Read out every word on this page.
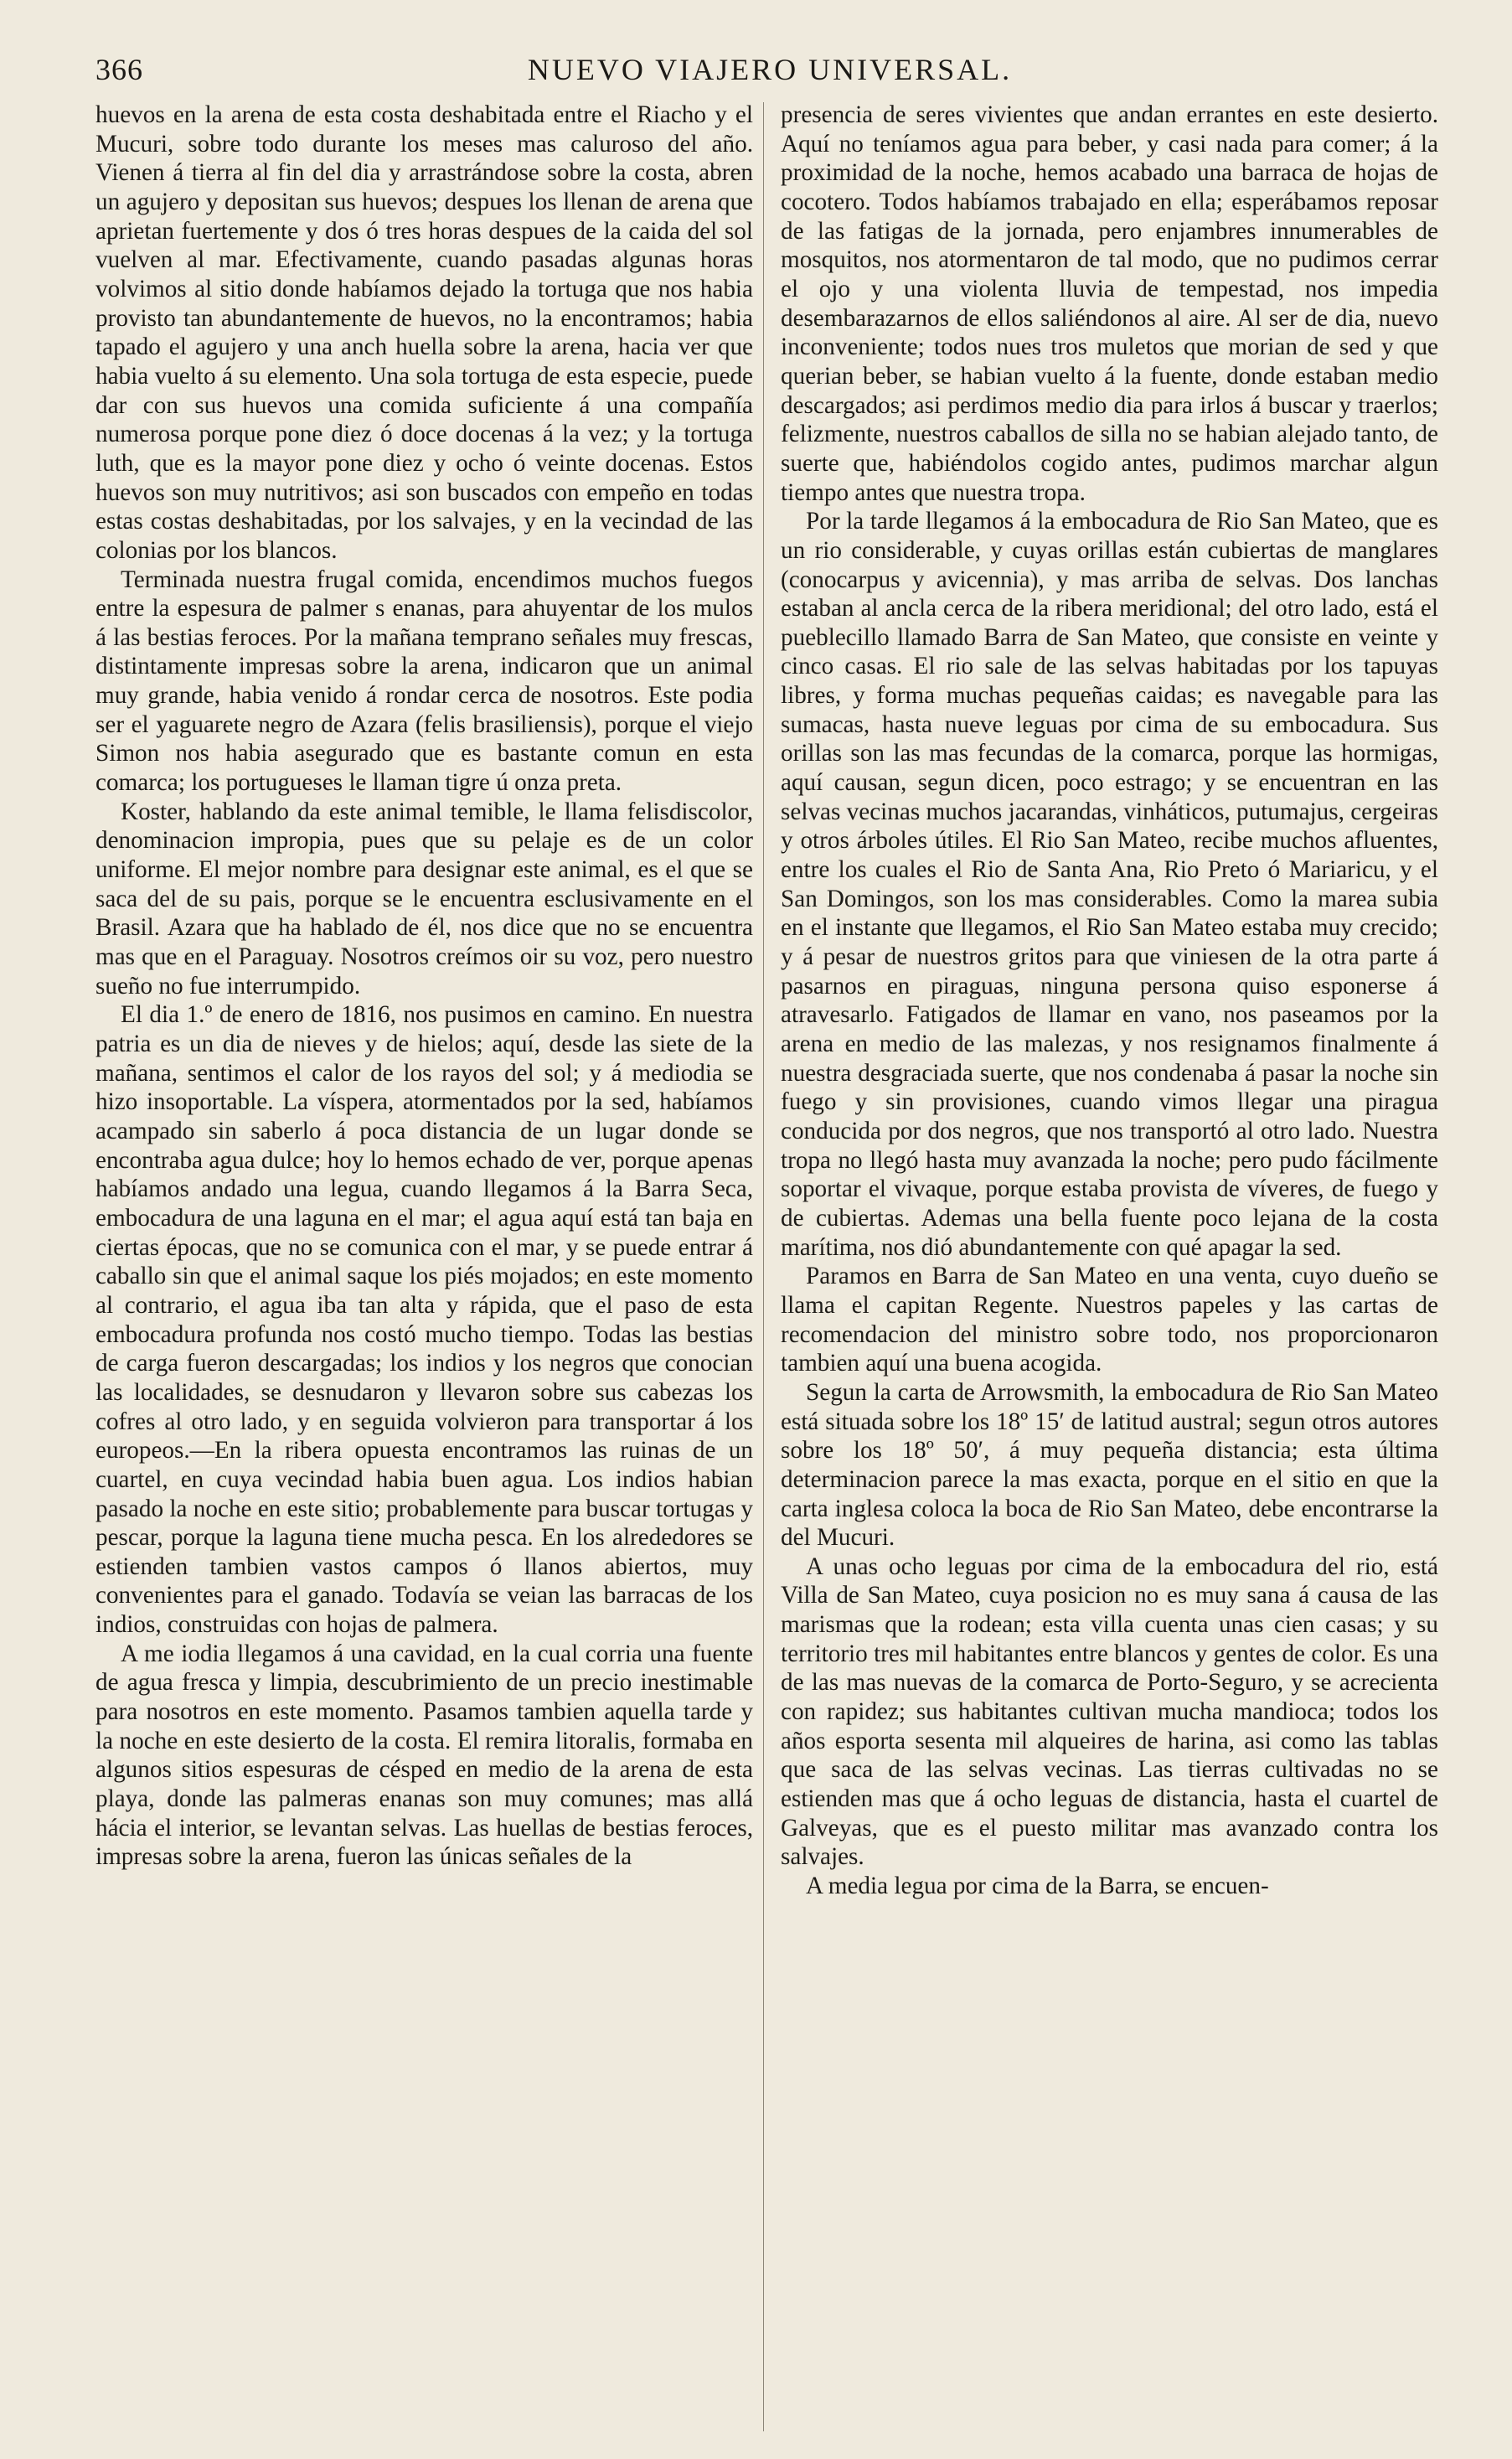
366	NUEVO VIAJERO UNIVERSAL.

huevos en la arena de esta costa deshabitada entre el Riacho y el Mucuri, sobre todo durante los meses mas caluroso del año. Vienen á tierra al fin del dia y arrastrándose sobre la costa, abren un agujero y depositan sus huevos; despues los llenan de arena que aprietan fuertemente y dos ó tres horas despues de la caida del sol vuelven al mar. Efectivamente, cuando pasadas algunas horas volvimos al sitio donde habíamos dejado la tortuga que nos habia provisto tan abundantemente de huevos, no la encontramos; habia tapado el agujero y una anch huella sobre la arena, hacia ver que habia vuelto á su elemento. Una sola tortuga de esta especie, puede dar con sus huevos una comida suficiente á una compañía numerosa porque pone diez ó doce docenas á la vez; y la tortuga luth, que es la mayor pone diez y ocho ó veinte docenas. Estos huevos son muy nutritivos; asi son buscados con empeño en todas estas costas deshabitadas, por los salvajes, y en la vecindad de las colonias por los blancos.

Terminada nuestra frugal comida, encendimos muchos fuegos entre la espesura de palmer s enanas, para ahuyentar de los mulos á las bestias feroces. Por la mañana temprano señales muy frescas, distintamente impresas sobre la arena, indicaron que un animal muy grande, habia venido á rondar cerca de nosotros. Este podia ser el yaguarete negro de Azara (felis brasiliensis), porque el viejo Simon nos habia asegurado que es bastante comun en esta comarca; los portugueses le llaman tigre ú onza preta.

Koster, hablando da este animal temible, le llama felisdiscolor, denominacion impropia, pues que su pelaje es de un color uniforme. El mejor nombre para designar este animal, es el que se saca del de su pais, porque se le encuentra esclusivamente en el Brasil. Azara que ha hablado de él, nos dice que no se encuentra mas que en el Paraguay. Nosotros creímos oir su voz, pero nuestro sueño no fue interrumpido.

El dia 1.º de enero de 1816, nos pusimos en camino. En nuestra patria es un dia de nieves y de hielos; aquí, desde las siete de la mañana, sentimos el calor de los rayos del sol; y á mediodia se hizo insoportable. La víspera, atormentados por la sed, habíamos acampado sin saberlo á poca distancia de un lugar donde se encontraba agua dulce; hoy lo hemos echado de ver, porque apenas habíamos andado una legua, cuando llegamos á la Barra Seca, embocadura de una laguna en el mar; el agua aquí está tan baja en ciertas épocas, que no se comunica con el mar, y se puede entrar á caballo sin que el animal saque los piés mojados; en este momento al contrario, el agua iba tan alta y rápida, que el paso de esta embocadura profunda nos costó mucho tiempo. Todas las bestias de carga fueron descargadas; los indios y los negros que conocian las localidades, se desnudaron y llevaron sobre sus cabezas los cofres al otro lado, y en seguida volvieron para transportar á los europeos.—En la ribera opuesta encontramos las ruinas de un cuartel, en cuya vecindad habia buen agua. Los indios habian pasado la noche en este sitio; probablemente para buscar tortugas y pescar, porque la laguna tiene mucha pesca. En los alrededores se estienden tambien vastos campos ó llanos abiertos, muy convenientes para el ganado. Todavía se veian las barracas de los indios, construidas con hojas de palmera.

A me iodia llegamos á una cavidad, en la cual corria una fuente de agua fresca y limpia, descubrimiento de un precio inestimable para nosotros en este momento. Pasamos tambien aquella tarde y la noche en este desierto de la costa. El remira litoralis, formaba en algunos sitios espesuras de césped en medio de la arena de esta playa, donde las palmeras enanas son muy comunes; mas allá hácia el interior, se levantan selvas. Las huellas de bestias feroces, impresas sobre la arena, fueron las únicas señales de la

presencia de seres vivientes que andan errantes en este desierto. Aquí no teníamos agua para beber, y casi nada para comer; á la proximidad de la noche, hemos acabado una barraca de hojas de cocotero. Todos habíamos trabajado en ella; esperábamos reposar de las fatigas de la jornada, pero enjambres innumerables de mosquitos, nos atormentaron de tal modo, que no pudimos cerrar el ojo y una violenta lluvia de tempestad, nos impedia desembarazarnos de ellos saliéndonos al aire. Al ser de dia, nuevo inconveniente; todos nues tros muletos que morian de sed y que querian beber, se habian vuelto á la fuente, donde estaban medio descargados; asi perdimos medio dia para irlos á buscar y traerlos; felizmente, nuestros caballos de silla no se habian alejado tanto, de suerte que, habiéndolos cogido antes, pudimos marchar algun tiempo antes que nuestra tropa.

Por la tarde llegamos á la embocadura de Rio San Mateo, que es un rio considerable, y cuyas orillas están cubiertas de manglares (conocarpus y avicennia), y mas arriba de selvas. Dos lanchas estaban al ancla cerca de la ribera meridional; del otro lado, está el pueblecillo llamado Barra de San Mateo, que consiste en veinte y cinco casas. El rio sale de las selvas habitadas por los tapuyas libres, y forma muchas pequeñas caidas; es navegable para las sumacas, hasta nueve leguas por cima de su embocadura. Sus orillas son las mas fecundas de la comarca, porque las hormigas, aquí causan, segun dicen, poco estrago; y se encuentran en las selvas vecinas muchos jacarandas, vinháticos, putumajus, cergeiras y otros árboles útiles. El Rio San Mateo, recibe muchos afluentes, entre los cuales el Rio de Santa Ana, Rio Preto ó Mariaricu, y el San Domingos, son los mas considerables. Como la marea subia en el instante que llegamos, el Rio San Mateo estaba muy crecido; y á pesar de nuestros gritos para que viniesen de la otra parte á pasarnos en piraguas, ninguna persona quiso esponerse á atravesarlo. Fatigados de llamar en vano, nos paseamos por la arena en medio de las malezas, y nos resignamos finalmente á nuestra desgraciada suerte, que nos condenaba á pasar la noche sin fuego y sin provisiones, cuando vimos llegar una piragua conducida por dos negros, que nos transportó al otro lado. Nuestra tropa no llegó hasta muy avanzada la noche; pero pudo fácilmente soportar el vivaque, porque estaba provista de víveres, de fuego y de cubiertas. Ademas una bella fuente poco lejana de la costa marítima, nos dió abundantemente con qué apagar la sed.

Paramos en Barra de San Mateo en una venta, cuyo dueño se llama el capitan Regente. Nuestros papeles y las cartas de recomendacion del ministro sobre todo, nos proporcionaron tambien aquí una buena acogida.

Segun la carta de Arrowsmith, la embocadura de Rio San Mateo está situada sobre los 18º 15′ de latitud austral; segun otros autores sobre los 18º 50′, á muy pequeña distancia; esta última determinacion parece la mas exacta, porque en el sitio en que la carta inglesa coloca la boca de Rio San Mateo, debe encontrarse la del Mucuri.

A unas ocho leguas por cima de la embocadura del rio, está Villa de San Mateo, cuya posicion no es muy sana á causa de las marismas que la rodean; esta villa cuenta unas cien casas; y su territorio tres mil habitantes entre blancos y gentes de color. Es una de las mas nuevas de la comarca de Porto-Seguro, y se acrecienta con rapidez; sus habitantes cultivan mucha mandioca; todos los años esporta sesenta mil alqueires de harina, asi como las tablas que saca de las selvas vecinas. Las tierras cultivadas no se estienden mas que á ocho leguas de distancia, hasta el cuartel de Galveyas, que es el puesto militar mas avanzado contra los salvajes.

A media legua por cima de la Barra, se encuen-
